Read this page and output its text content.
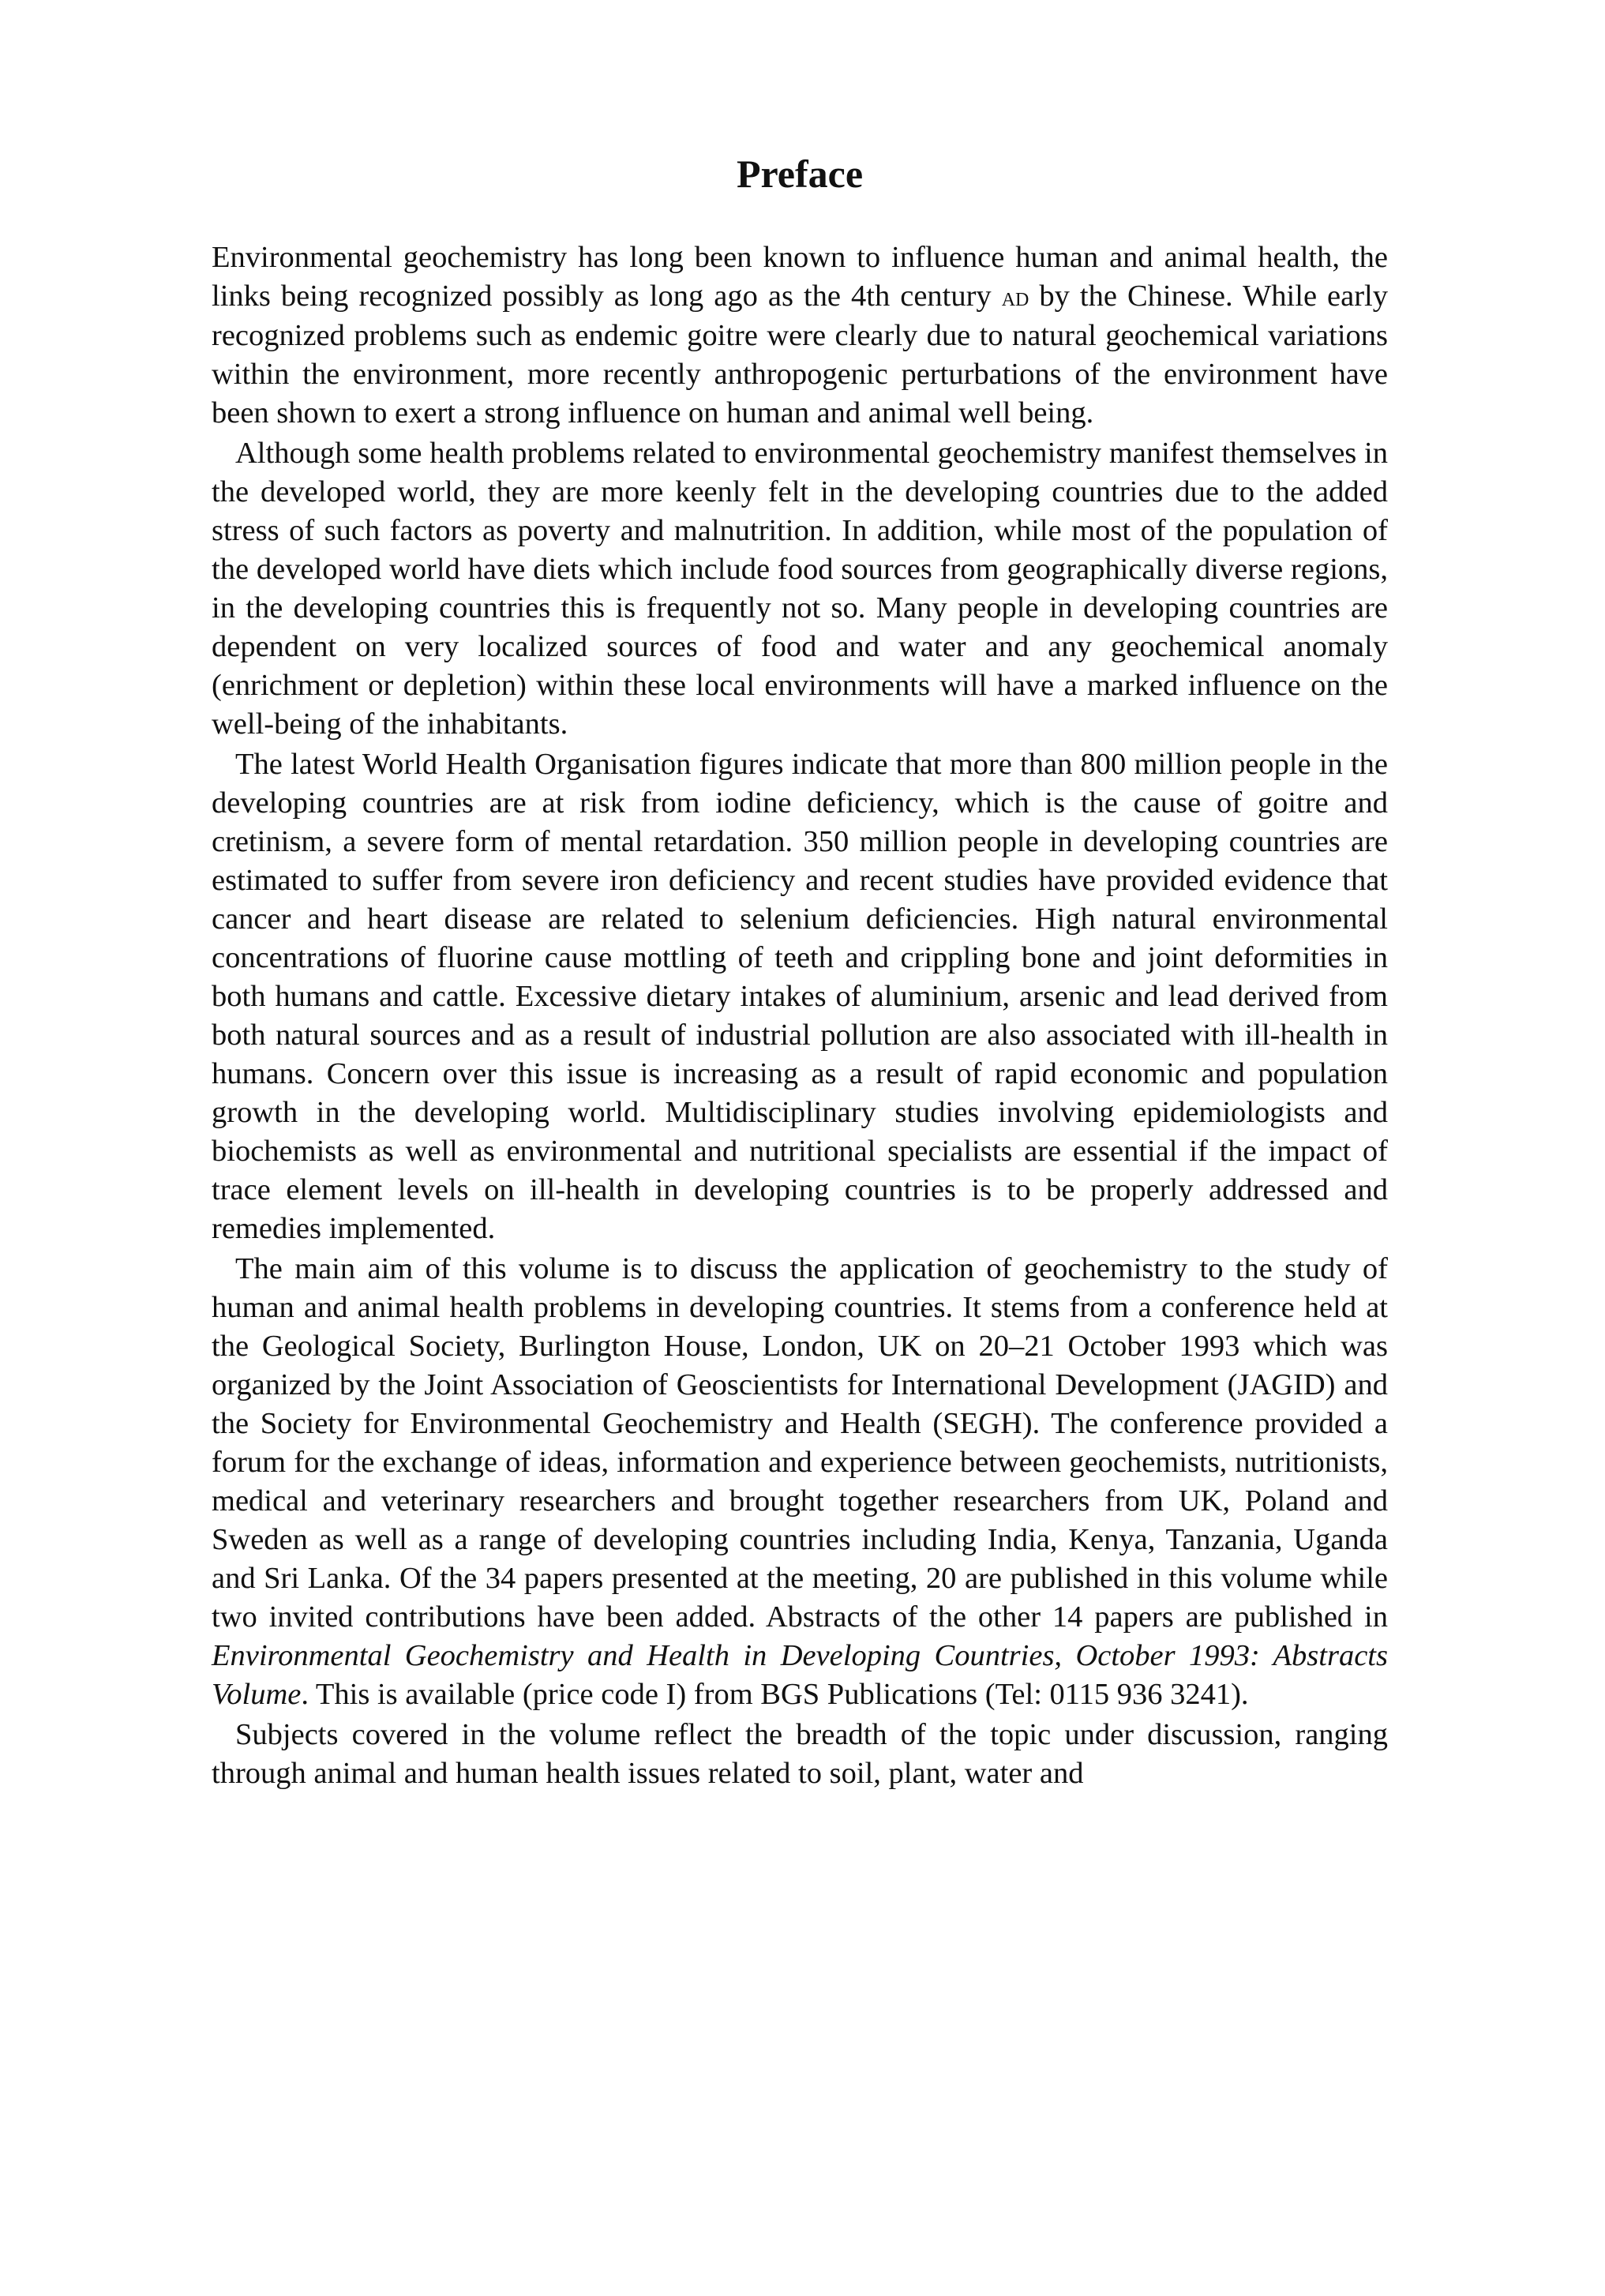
Preface

Environmental geochemistry has long been known to influence human and animal health, the links being recognized possibly as long ago as the 4th century ad by the Chinese. While early recognized problems such as endemic goitre were clearly due to natural geochemical variations within the environment, more recently anthropogenic perturbations of the environment have been shown to exert a strong influence on human and animal well being.

Although some health problems related to environmental geochemistry manifest themselves in the developed world, they are more keenly felt in the developing countries due to the added stress of such factors as poverty and malnutrition. In addition, while most of the population of the developed world have diets which include food sources from geographically diverse regions, in the developing countries this is frequently not so. Many people in developing countries are dependent on very localized sources of food and water and any geochemical anomaly (enrichment or depletion) within these local environments will have a marked influence on the well-being of the inhabitants.

The latest World Health Organisation figures indicate that more than 800 million people in the developing countries are at risk from iodine deficiency, which is the cause of goitre and cretinism, a severe form of mental retardation. 350 million people in developing countries are estimated to suffer from severe iron deficiency and recent studies have provided evidence that cancer and heart disease are related to selenium deficiencies. High natural environmental concentrations of fluorine cause mottling of teeth and crippling bone and joint deformities in both humans and cattle. Excessive dietary intakes of aluminium, arsenic and lead derived from both natural sources and as a result of industrial pollution are also associated with ill-health in humans. Concern over this issue is increasing as a result of rapid economic and population growth in the developing world. Multidisciplinary studies involving epidemiologists and biochemists as well as environmental and nutritional specialists are essential if the impact of trace element levels on ill-health in developing countries is to be properly addressed and remedies implemented.

The main aim of this volume is to discuss the application of geochemistry to the study of human and animal health problems in developing countries. It stems from a conference held at the Geological Society, Burlington House, London, UK on 20–21 October 1993 which was organized by the Joint Association of Geoscientists for International Development (JAGID) and the Society for Environmental Geochemistry and Health (SEGH). The conference provided a forum for the exchange of ideas, information and experience between geochemists, nutritionists, medical and veterinary researchers and brought together researchers from UK, Poland and Sweden as well as a range of developing countries including India, Kenya, Tanzania, Uganda and Sri Lanka. Of the 34 papers presented at the meeting, 20 are published in this volume while two invited contributions have been added. Abstracts of the other 14 papers are published in Environmental Geochemistry and Health in Developing Countries, October 1993: Abstracts Volume. This is available (price code I) from BGS Publications (Tel: 0115 936 3241).

Subjects covered in the volume reflect the breadth of the topic under discussion, ranging through animal and human health issues related to soil, plant, water and
